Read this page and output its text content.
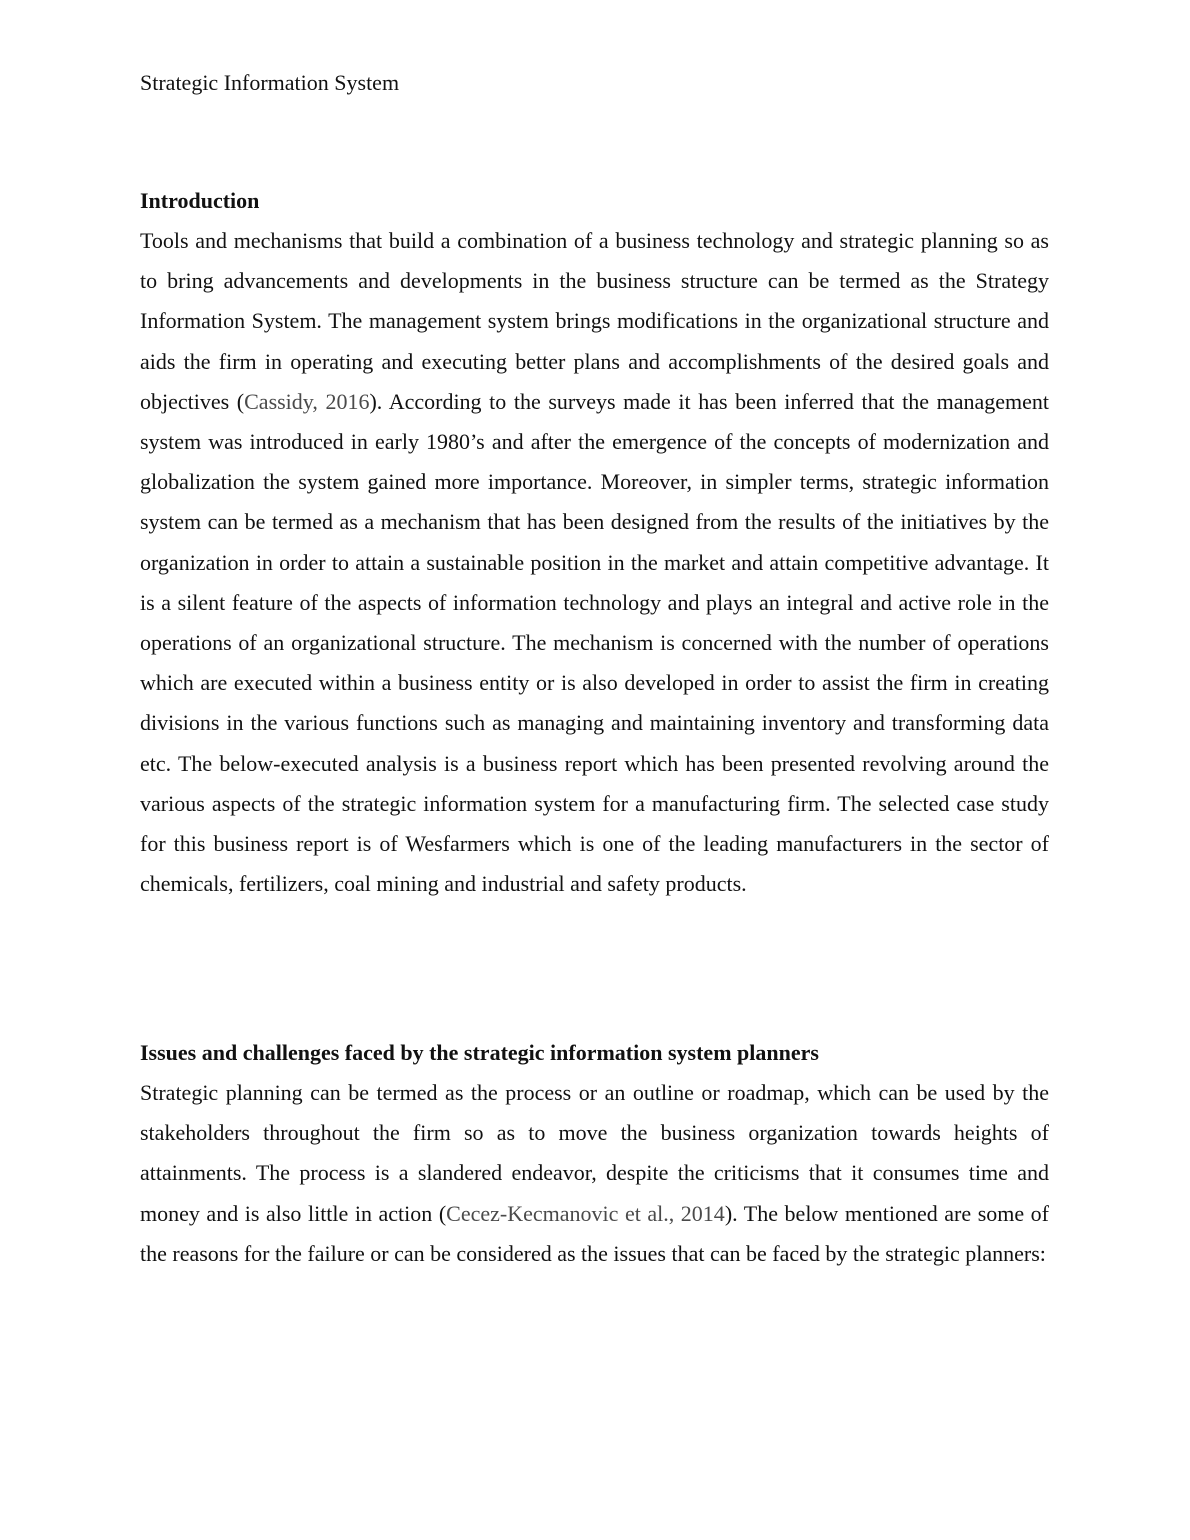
Strategic Information System

Introduction

Tools and mechanisms that build a combination of a business technology and strategic planning so as to bring advancements and developments in the business structure can be termed as the Strategy Information System. The management system brings modifications in the organizational structure and aids the firm in operating and executing better plans and accomplishments of the desired goals and objectives (Cassidy, 2016). According to the surveys made it has been inferred that the management system was introduced in early 1980’s and after the emergence of the concepts of modernization and globalization the system gained more importance. Moreover, in simpler terms, strategic information system can be termed as a mechanism that has been designed from the results of the initiatives by the organization in order to attain a sustainable position in the market and attain competitive advantage. It is a silent feature of the aspects of information technology and plays an integral and active role in the operations of an organizational structure. The mechanism is concerned with the number of operations which are executed within a business entity or is also developed in order to assist the firm in creating divisions in the various functions such as managing and maintaining inventory and transforming data etc. The below-executed analysis is a business report which has been presented revolving around the various aspects of the strategic information system for a manufacturing firm. The selected case study for this business report is of Wesfarmers which is one of the leading manufacturers in the sector of chemicals, fertilizers, coal mining and industrial and safety products.

Issues and challenges faced by the strategic information system planners

Strategic planning can be termed as the process or an outline or roadmap, which can be used by the stakeholders throughout the firm so as to move the business organization towards heights of attainments. The process is a slandered endeavor, despite the criticisms that it consumes time and money and is also little in action (Cecez-Kecmanovic et al., 2014). The below mentioned are some of the reasons for the failure or can be considered as the issues that can be faced by the strategic planners:
